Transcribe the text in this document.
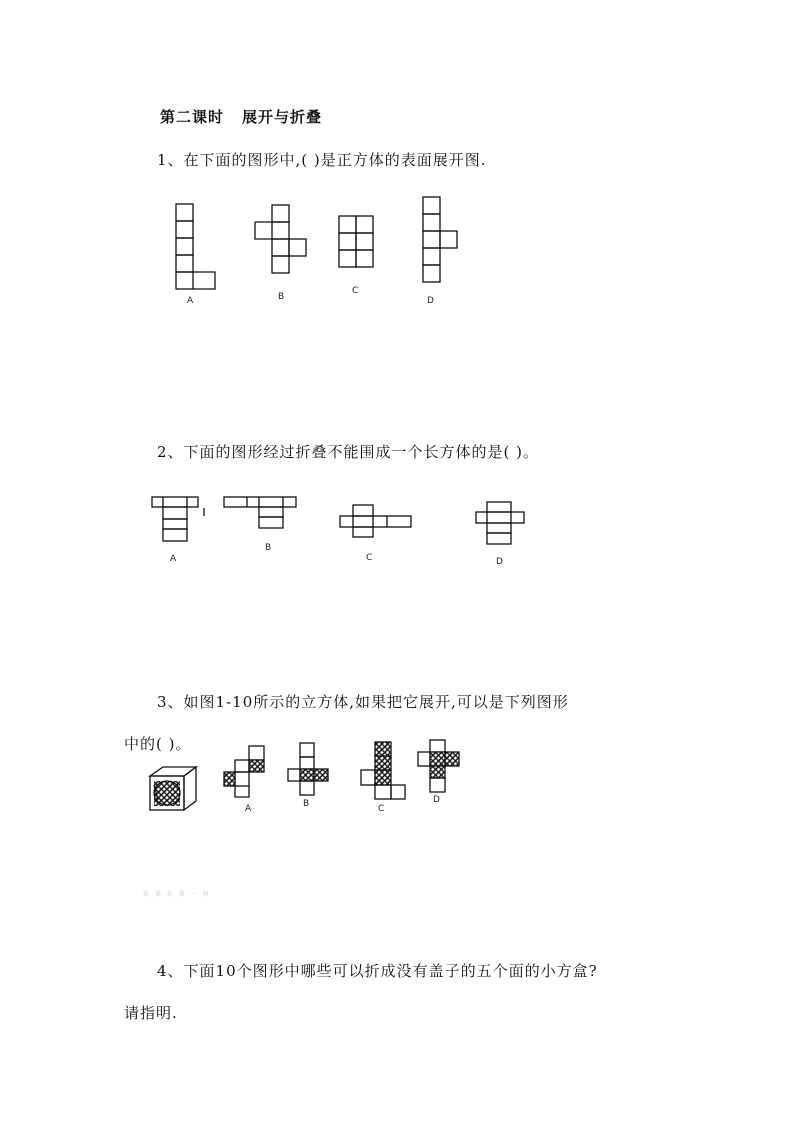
第二课时 展开与折叠
1、在下面的图形中,( )是正方体的表面展开图.
A	B
C
D
2、下面的图形经过折叠不能围成一个长方体的是( )。
A
B
C	D
3、如图1-10所示的立方体,如果把它展开,可以是下列图形
中的( )。
A	B	C
D
新 课 标 第 一 网
4、下面10个图形中哪些可以折成没有盖子的五个面的小方盒?
请指明.
